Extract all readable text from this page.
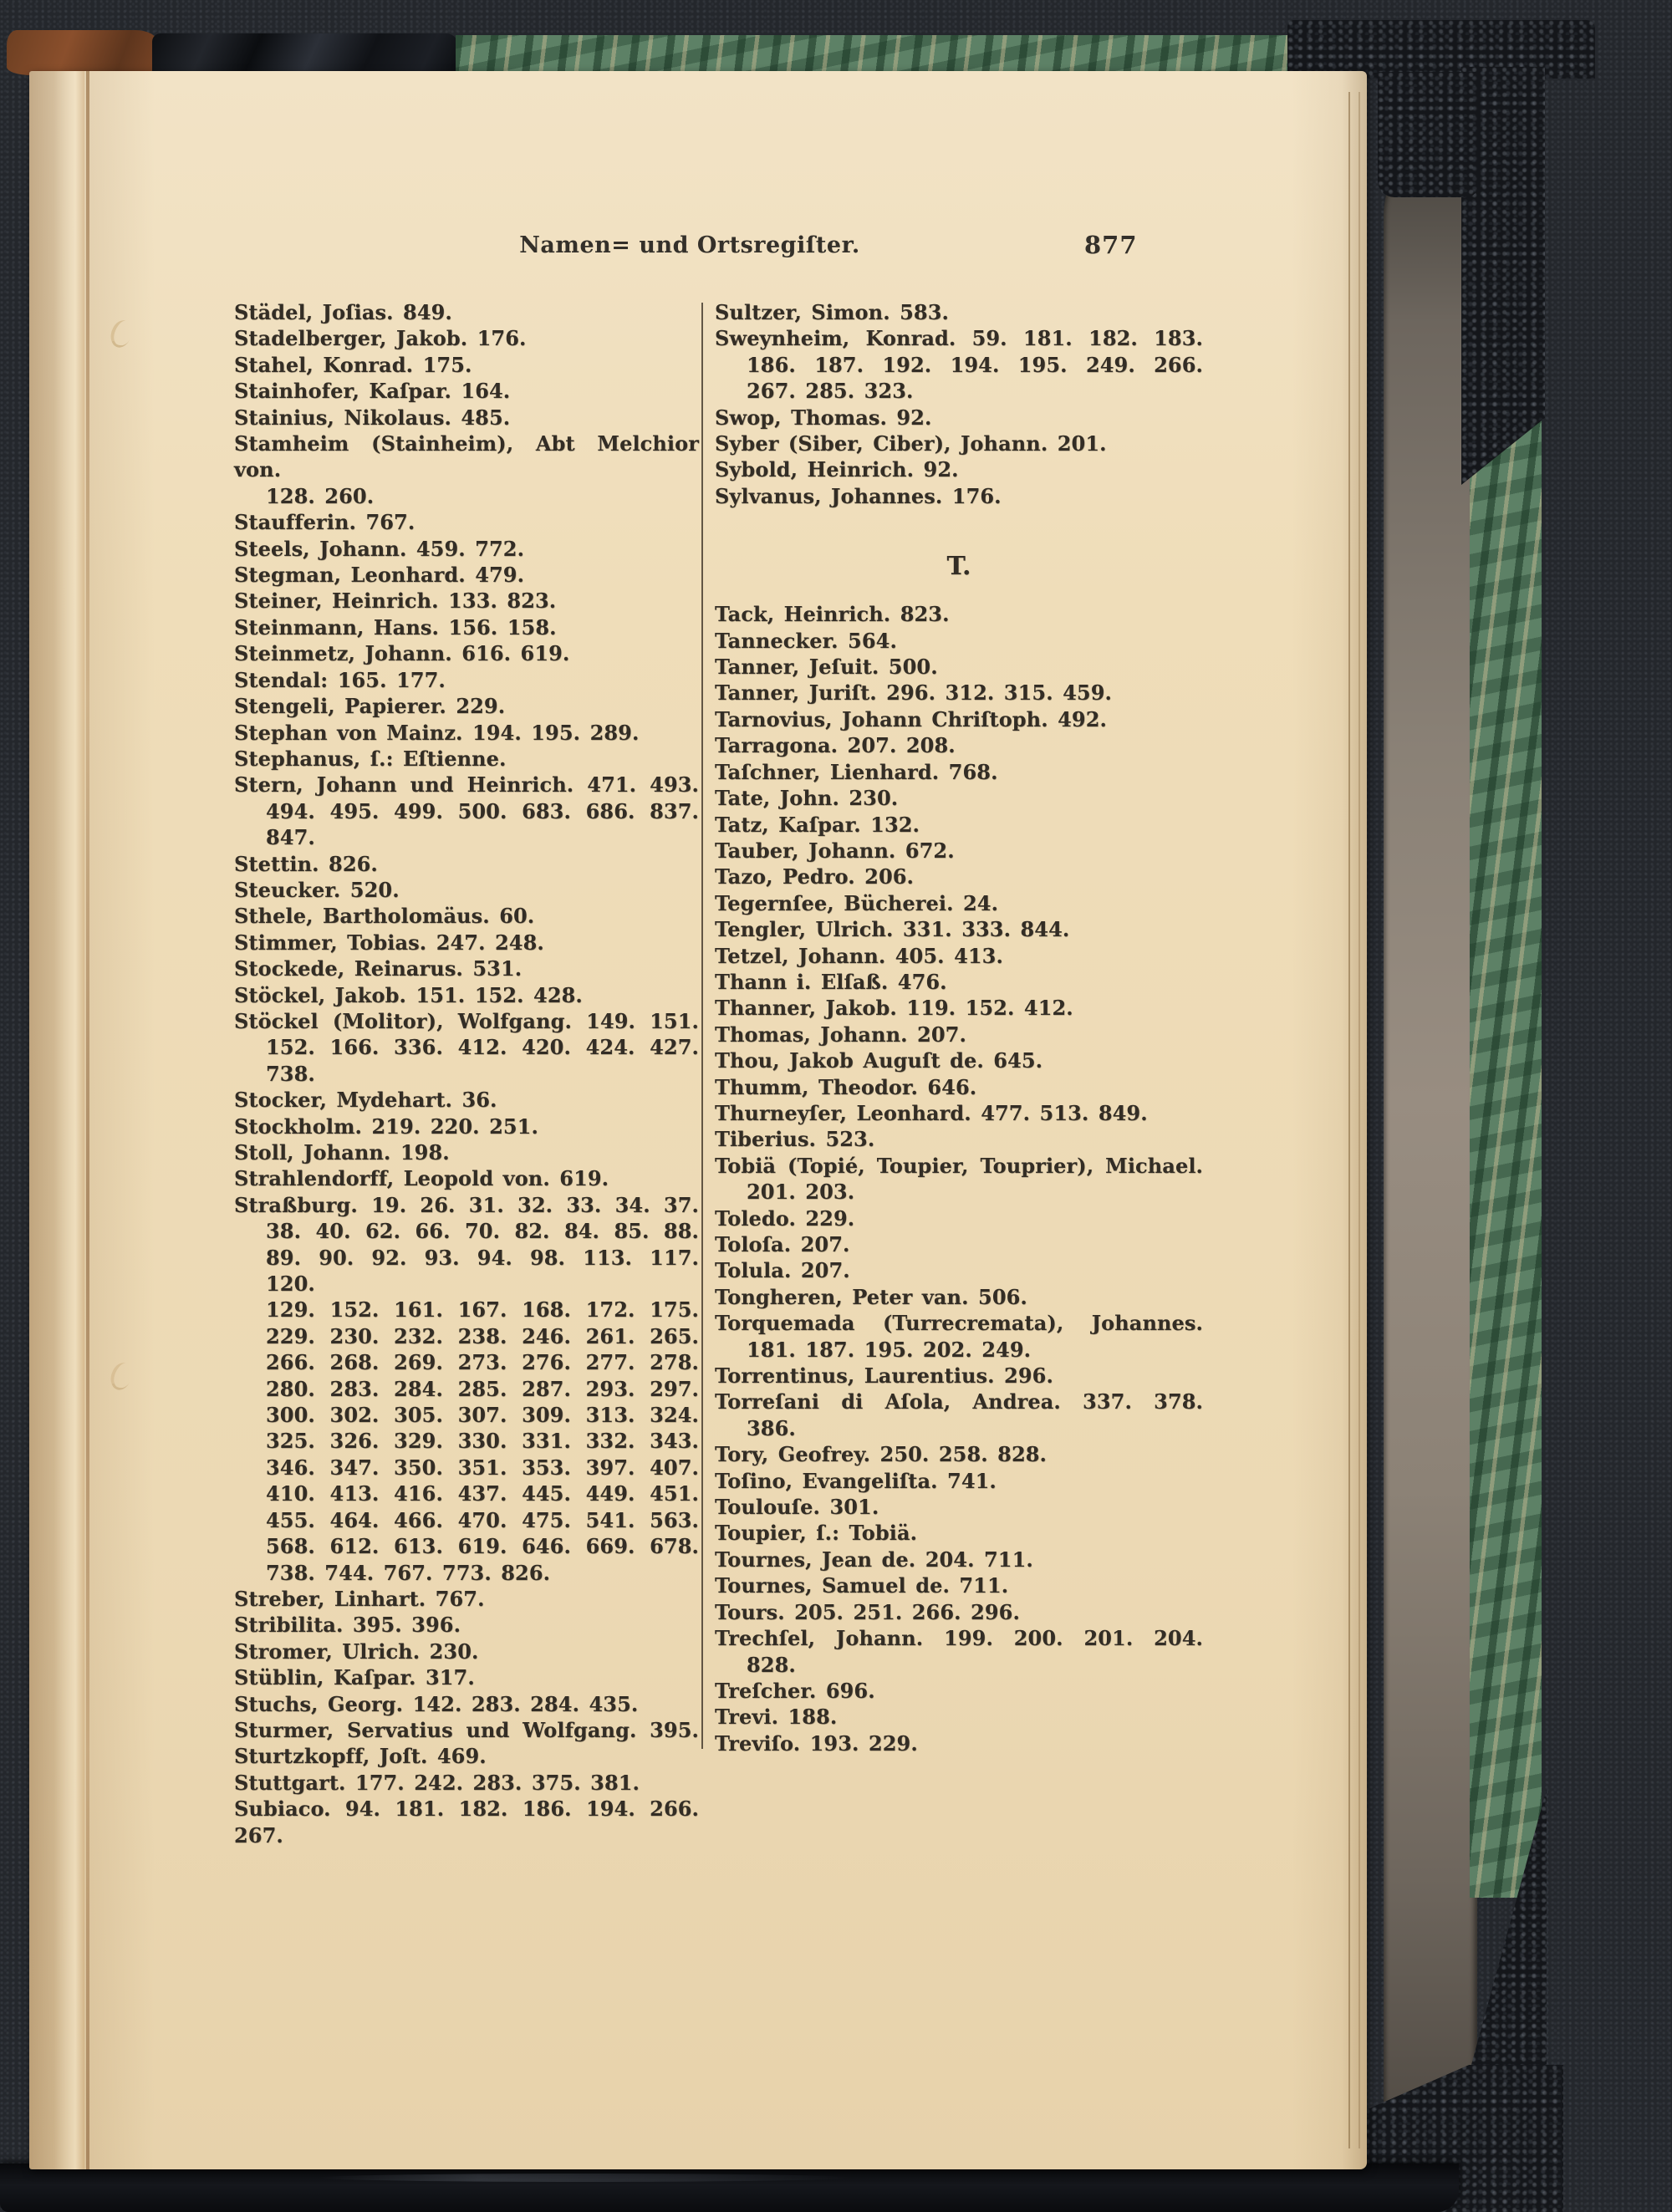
Namen= und Ortsregiſter.	877
Städel, Joſias. 849.
Stadelberger, Jakob. 176.
Stahel, Konrad. 175.
Stainhofer, Kaſpar. 164.
Stainius, Nikolaus. 485.
Stamheim (Stainheim), Abt Melchior von.
128. 260.
Staufferin. 767.
Steels, Johann. 459. 772.
Stegman, Leonhard. 479.
Steiner, Heinrich. 133. 823.
Steinmann, Hans. 156. 158.
Steinmetz, Johann. 616. 619.
Stendal: 165. 177.
Stengeli, Papierer. 229.
Stephan von Mainz. 194. 195. 289.
Stephanus, ſ.: Eſtienne.
Stern, Johann und Heinrich. 471. 493.
494. 495. 499. 500. 683. 686. 837.
847.
Stettin. 826.
Steucker. 520.
Sthele, Bartholomäus. 60.
Stimmer, Tobias. 247. 248.
Stockede, Reinarus. 531.
Stöckel, Jakob. 151. 152. 428.
Stöckel (Molitor), Wolfgang. 149. 151.
152. 166. 336. 412. 420. 424. 427.
738.
Stocker, Mydehart. 36.
Stockholm. 219. 220. 251.
Stoll, Johann. 198.
Strahlendorff, Leopold von. 619.
Straßburg. 19. 26. 31. 32. 33. 34. 37.
38. 40. 62. 66. 70. 82. 84. 85. 88.
89. 90. 92. 93. 94. 98. 113. 117. 120.
129. 152. 161. 167. 168. 172. 175.
229. 230. 232. 238. 246. 261. 265.
266. 268. 269. 273. 276. 277. 278.
280. 283. 284. 285. 287. 293. 297.
300. 302. 305. 307. 309. 313. 324.
325. 326. 329. 330. 331. 332. 343.
346. 347. 350. 351. 353. 397. 407.
410. 413. 416. 437. 445. 449. 451.
455. 464. 466. 470. 475. 541. 563.
568. 612. 613. 619. 646. 669. 678.
738. 744. 767. 773. 826.
Streber, Linhart. 767.
Stribilita. 395. 396.
Stromer, Ulrich. 230.
Stüblin, Kaſpar. 317.
Stuchs, Georg. 142. 283. 284. 435.
Sturmer, Servatius und Wolfgang. 395.
Sturtzkopff, Joſt. 469.
Stuttgart. 177. 242. 283. 375. 381.
Subiaco. 94. 181. 182. 186. 194. 266. 267.
Sultzer, Simon. 583.
Sweynheim, Konrad. 59. 181. 182. 183.
186. 187. 192. 194. 195. 249. 266.
267. 285. 323.
Swop, Thomas. 92.
Syber (Siber, Ciber), Johann. 201.
Sybold, Heinrich. 92.
Sylvanus, Johannes. 176.
T.
Tack, Heinrich. 823.
Tannecker. 564.
Tanner, Jeſuit. 500.
Tanner, Juriſt. 296. 312. 315. 459.
Tarnovius, Johann Chriſtoph. 492.
Tarragona. 207. 208.
Taſchner, Lienhard. 768.
Tate, John. 230.
Tatz, Kaſpar. 132.
Tauber, Johann. 672.
Tazo, Pedro. 206.
Tegernſee, Bücherei. 24.
Tengler, Ulrich. 331. 333. 844.
Tetzel, Johann. 405. 413.
Thann i. Elſaß. 476.
Thanner, Jakob. 119. 152. 412.
Thomas, Johann. 207.
Thou, Jakob Auguſt de. 645.
Thumm, Theodor. 646.
Thurneyſer, Leonhard. 477. 513. 849.
Tiberius. 523.
Tobiä (Topié, Toupier, Touprier), Michael.
201. 203.
Toledo. 229.
Toloſa. 207.
Tolula. 207.
Tongheren, Peter van. 506.
Torquemada (Turrecremata), Johannes.
181. 187. 195. 202. 249.
Torrentinus, Laurentius. 296.
Torreſani di Aſola, Andrea. 337. 378.
386.
Tory, Geofrey. 250. 258. 828.
Toſino, Evangeliſta. 741.
Toulouſe. 301.
Toupier, ſ.: Tobiä.
Tournes, Jean de. 204. 711.
Tournes, Samuel de. 711.
Tours. 205. 251. 266. 296.
Trechſel, Johann. 199. 200. 201. 204.
828.
Treſcher. 696.
Trevi. 188.
Treviſo. 193. 229.
